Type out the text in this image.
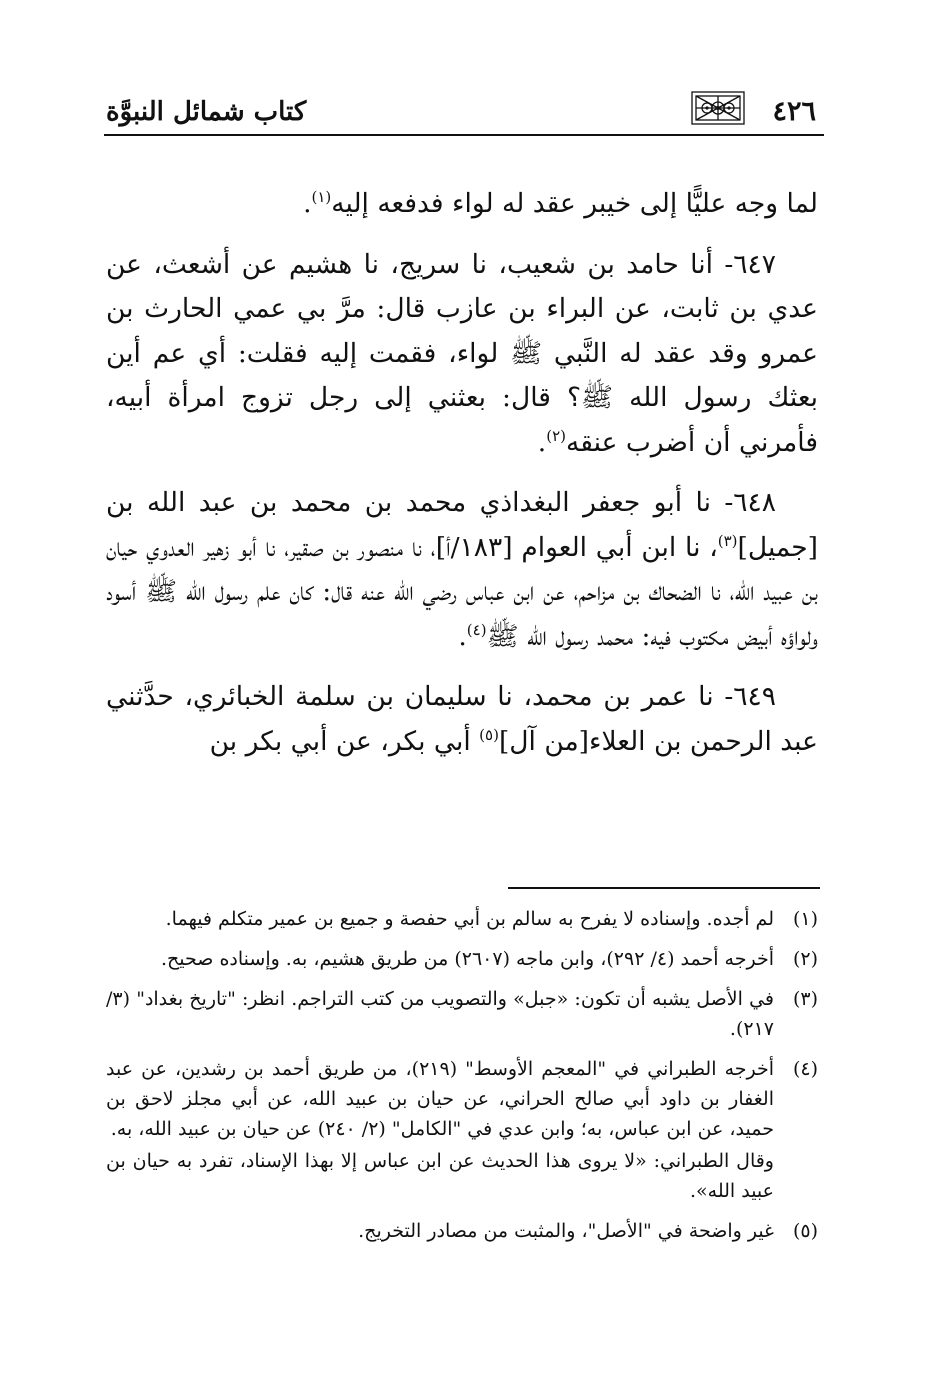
٤٢٦
كتاب شمائل النبوَّة

لما وجه عليًّا إلى خيبر عقد له لواء فدفعه إليه$^{(١)}$.

٦٤٧- أنا حامد بن شعيب، نا سريج، نا هشيم عن أشعث، عن عدي بن ثابت، عن البراء بن عازب قال: مرَّ بي عمي الحارث بن عمرو وقد عقد له النَّبي ﷺ لواء، فقمت إليه فقلت: أي عم أين بعثك رسول الله ﷺ؟ قال: بعثني إلى رجل تزوج امرأة أبيه، فأمرني أن أضرب عنقه$^{(٢)}$.

٦٤٨- نا أبو جعفر البغداذي محمد بن محمد بن عبد الله بن [جميل]$^{(٣)}$، نا ابن أبي العوام [١٨٣/أ]، نا منصور بن صقير، نا أبو زهير العدوي حيان بن عبيد الله، نا الضحاك بن مزاحم، عن ابن عباس رضي الله عنه قال: كان علم رسول الله ﷺ أسود ولواؤه أبيض مكتوب فيه: محمد رسول الله ﷺ$^{(٤)}$.

٦٤٩- نا عمر بن محمد، نا سليمان بن سلمة الخبائري، حدَّثني عبد الرحمن بن العلاء[من آل]$^{(٥)}$ أبي بكر، عن أبي بكر بن

(١)
لم أجده. وإسناده لا يفرح به سالم بن أبي حفصة و جميع بن عمير متكلم فيهما.
(٢)
أخرجه أحمد (٤/ ٢٩٢)، وابن ماجه (٢٦٠٧) من طريق هشيم، به. وإسناده صحيح.
(٣)
في الأصل يشبه أن تكون: «جبل» والتصويب من كتب التراجم. انظر: "تاريخ بغداد" (٣/ ٢١٧).
(٤)
أخرجه الطبراني في "المعجم الأوسط" (٢١٩)، من طريق أحمد بن رشدين، عن عبد الغفار بن داود أبي صالح الحراني، عن حيان بن عبيد الله، عن أبي مجلز لاحق بن حميد، عن ابن عباس، به؛ وابن عدي في "الكامل" (٢/ ٢٤٠) عن حيان بن عبيد الله، به.

وقال الطبراني: «لا يروى هذا الحديث عن ابن عباس إلا بهذا الإسناد، تفرد به حيان بن عبيد الله».

(٥)
غير واضحة في "الأصل"، والمثبت من مصادر التخريج.
